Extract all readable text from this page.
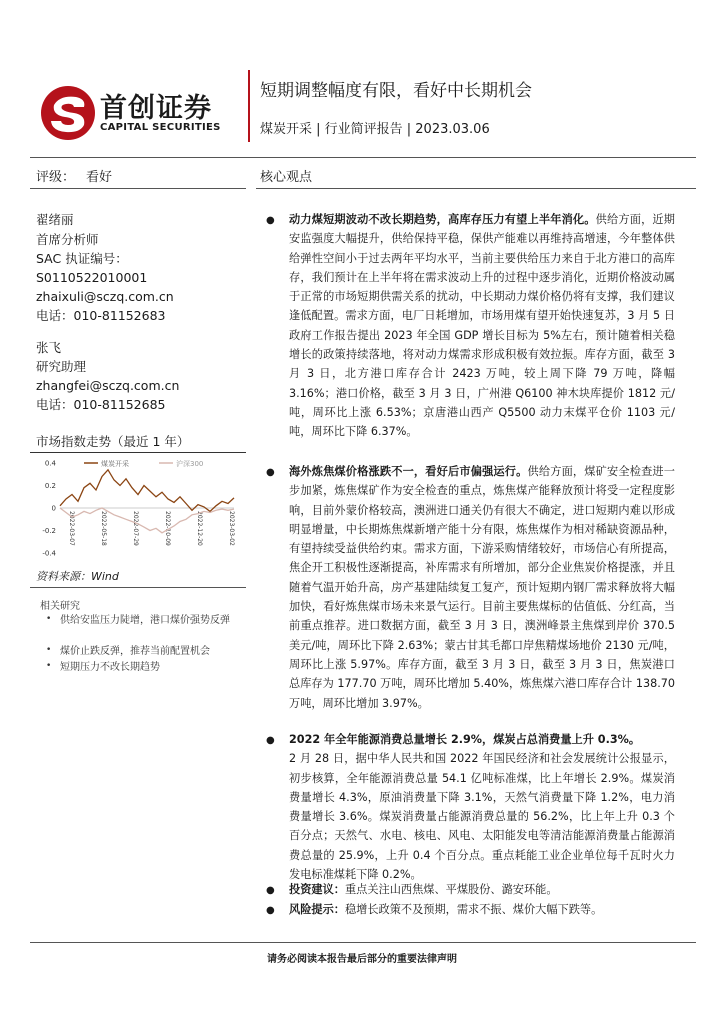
首创证券
CAPITAL SECURITIES
短期调整幅度有限，看好中长期机会
煤炭开采 | 行业简评报告 | 2023.03.06
评级： 看好	核心观点
翟绪丽
首席分析师
SAC 执证编号：
S0110522010001
zhaixuli@sczq.com.cn
电话：010-81152683
张飞
研究助理
zhangfei@sczq.com.cn
电话：010-81152685
市场指数走势（最近 1 年）
0.4
0.2
0
-0.2
-0.4
2022-03-07	2022-05-18	2022-07-29	2022-10-09	2022-12-20	2023-03-02
煤炭开采	沪深300
资料来源：Wind
相关研究
• 供给安监压力陡增，港口煤价强势反弹
• 煤价止跌反弹，推荐当前配置机会
• 短期压力不改长期趋势
● 动力煤短期波动不改长期趋势，高库存压力有望上半年消化。供给方面，近期安监强度大幅提升，供给保持平稳，保供产能难以再维持高增速，今年整体供给弹性空间小于过去两年平均水平，当前主要供给压力来自于北方港口的高库存，我们预计在上半年将在需求波动上升的过程中逐步消化，近期价格波动属于正常的市场短期供需关系的扰动，中长期动力煤价格仍将有支撑，我们建议逢低配置。需求方面，电厂日耗增加，市场用煤有望开始快速复苏，3 月 5 日政府工作报告提出 2023 年全国 GDP 增长目标为 5%左右，预计随着相关稳增长的政策持续落地，将对动力煤需求形成积极有效拉振。库存方面，截至 3 月 3 日，北方港口库存合计 2423 万吨，较上周下降 79 万吨，降幅 3.16%；港口价格，截至 3 月 3 日，广州港 Q6100 神木块库提价 1812 元/吨，周环比上涨 6.53%；京唐港山西产 Q5500 动力末煤平仓价 1103 元/吨，周环比下降 6.37%。
● 海外炼焦煤价格涨跌不一，看好后市偏强运行。供给方面，煤矿安全检查进一步加紧，炼焦煤矿作为安全检查的重点，炼焦煤产能释放预计将受一定程度影响，目前外蒙价格较高，澳洲进口通关仍有很大不确定，进口短期内难以形成明显增量，中长期炼焦煤新增产能十分有限，炼焦煤作为相对稀缺资源品种，有望持续受益供给约束。需求方面，下游采购情绪较好，市场信心有所提高，焦企开工积极性逐渐提高，补库需求有所增加，部分企业焦炭价格提涨，并且随着气温开始升高，房产基建陆续复工复产，预计短期内钢厂需求释放将大幅加快，看好炼焦煤市场未来景气运行。目前主要焦煤标的估值低、分红高，当前重点推荐。进口数据方面，截至 3 月 3 日，澳洲峰景主焦煤到岸价 370.5 美元/吨，周环比下降 2.63%；蒙古甘其毛都口岸焦精煤场地价 2130 元/吨，周环比上涨 5.97%。库存方面，截至 3 月 3 日，截至 3 月 3 日，焦炭港口总库存为 177.70 万吨，周环比增加 5.40%，炼焦煤六港口库存合计 138.70 万吨，周环比增加 3.97%。
● 2022 年全年能源消费总量增长 2.9%，煤炭占总消费量上升 0.3%。
2 月 28 日，据中华人民共和国 2022 年国民经济和社会发展统计公报显示，初步核算，全年能源消费总量 54.1 亿吨标准煤，比上年增长 2.9%。煤炭消费量增长 4.3%，原油消费量下降 3.1%，天然气消费量下降 1.2%，电力消费量增长 3.6%。煤炭消费量占能源消费总量的 56.2%，比上年上升 0.3 个百分点；天然气、水电、核电、风电、太阳能发电等清洁能源消费量占能源消费总量的 25.9%，上升 0.4 个百分点。重点耗能工业企业单位每千瓦时火力发电标准煤耗下降 0.2%。
● 投资建议：重点关注山西焦煤、平煤股份、潞安环能。
● 风险提示：稳增长政策不及预期，需求不振、煤价大幅下跌等。
请务必阅读本报告最后部分的重要法律声明
